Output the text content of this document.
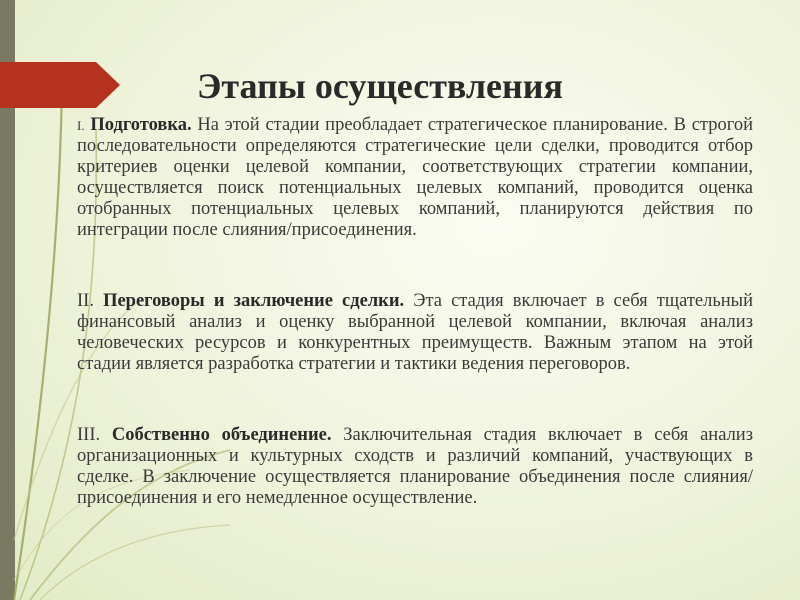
Этапы осуществления

I. Подготовка. На этой стадии преобладает стратегическое планирование. В строгой последовательности определяются стратегические цели сделки, проводится отбор критериев оценки целевой компании, соответствующих стратегии компании, осуществляется поиск потенциальных целевых компаний, проводится оценка отобранных потенциальных целевых компаний, планируются действия по интеграции после слияния/присоединения.

II. Переговоры и заключение сделки. Эта стадия включает в себя тщательный финансовый анализ и оценку выбранной целевой компании, включая анализ человеческих ресурсов и конкурентных преимуществ. Важным этапом на этой стадии является разработка стратегии и тактики ведения переговоров.

III. Собственно объединение. Заключительная стадия включает в себя анализ организационных и культурных сходств и различий компаний, участвующих в сделке. В заключение осуществляется планирование объединения после слияния/присоединения и его немедленное осуществление.
